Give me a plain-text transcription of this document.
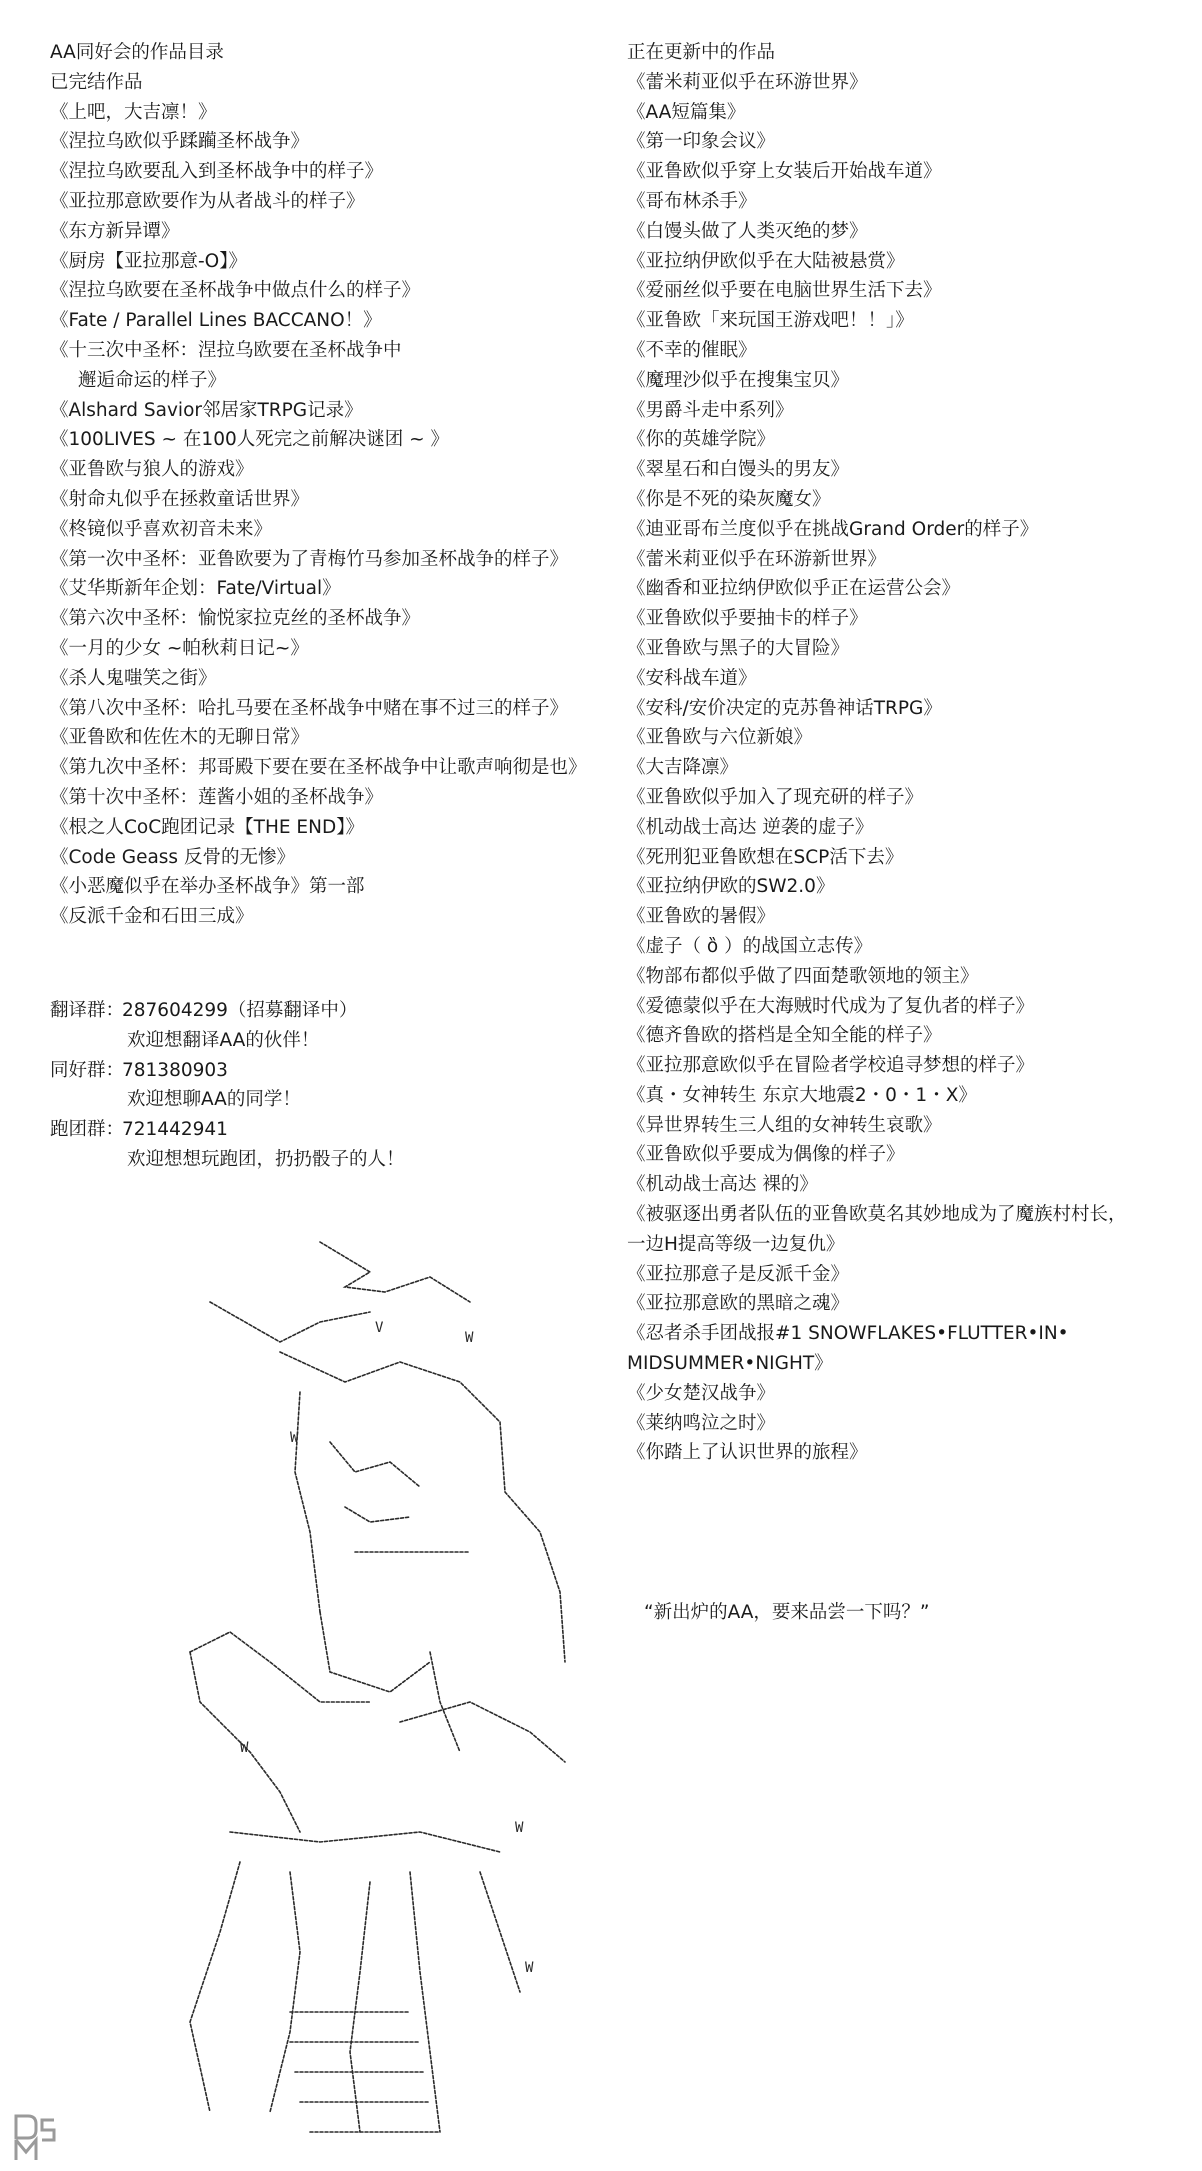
AA同好会的作品目录
已完结作品
《上吧，大吉凛！》
《涅拉乌欧似乎蹂躏圣杯战争》
《涅拉乌欧要乱入到圣杯战争中的样子》
《亚拉那意欧要作为从者战斗的样子》
《东方新异谭》
《厨房【亚拉那意-O】》
《涅拉乌欧要在圣杯战争中做点什么的样子》
《Fate / Parallel Lines BACCANO！》
《十三次中圣杯：涅拉乌欧要在圣杯战争中
邂逅命运的样子》
《Alshard Savior邻居家TRPG记录》
《100LIVES ~ 在100人死完之前解决谜团 ~ 》
《亚鲁欧与狼人的游戏》
《射命丸似乎在拯救童话世界》
《柊镜似乎喜欢初音未来》
《第一次中圣杯：亚鲁欧要为了青梅竹马参加圣杯战争的样子》
《艾华斯新年企划：Fate/Virtual》
《第六次中圣杯：愉悦家拉克丝的圣杯战争》
《一月的少女 ~帕秋莉日记~》
《杀人鬼嗤笑之街》
《第八次中圣杯：哈扎马要在圣杯战争中赌在事不过三的样子》
《亚鲁欧和佐佐木的无聊日常》
《第九次中圣杯：邦哥殿下要在要在圣杯战争中让歌声响彻是也》
《第十次中圣杯：莲酱小姐的圣杯战争》
《根之人CoC跑团记录【THE END】》
《Code Geass 反骨的无惨》
《小恶魔似乎在举办圣杯战争》第一部
《反派千金和石田三成》
正在更新中的作品
《蕾米莉亚似乎在环游世界》
《AA短篇集》
《第一印象会议》
《亚鲁欧似乎穿上女装后开始战车道》
《哥布林杀手》
《白馒头做了人类灭绝的梦》
《亚拉纳伊欧似乎在大陆被悬赏》
《爱丽丝似乎要在电脑世界生活下去》
《亚鲁欧「来玩国王游戏吧！！」》
《不幸的催眠》
《魔理沙似乎在搜集宝贝》
《男爵斗走中系列》
《你的英雄学院》
《翠星石和白馒头的男友》
《你是不死的染灰魔女》
《迪亚哥布兰度似乎在挑战Grand Order的样子》
《蕾米莉亚似乎在环游新世界》
《幽香和亚拉纳伊欧似乎正在运营公会》
《亚鲁欧似乎要抽卡的样子》
《亚鲁欧与黑子的大冒险》
《安科战车道》
《安科/安价决定的克苏鲁神话TRPG》
《亚鲁欧与六位新娘》
《大吉降凛》
《亚鲁欧似乎加入了现充研的样子》
《机动战士高达 逆袭的虚子》
《死刑犯亚鲁欧想在SCP活下去》
《亚拉纳伊欧的SW2.0》
《亚鲁欧的暑假》
《虚子（ ȍ ）的战国立志传》
《物部布都似乎做了四面楚歌领地的领主》
《爱德蒙似乎在大海贼时代成为了复仇者的样子》
《德齐鲁欧的搭档是全知全能的样子》
《亚拉那意欧似乎在冒险者学校追寻梦想的样子》
《真・女神转生 东京大地震2・0・1・X》
《异世界转生三人组的女神转生哀歌》
《亚鲁欧似乎要成为偶像的样子》
《机动战士高达 裸的》
《被驱逐出勇者队伍的亚鲁欧莫名其妙地成为了魔族村村长，
一边H提高等级一边复仇》
《亚拉那意子是反派千金》
《亚拉那意欧的黑暗之魂》
《忍者杀手团战报#1 SNOWFLAKES•FLUTTER•IN•
MIDSUMMER•NIGHT》
《少女楚汉战争》
《莱纳鸣泣之时》
《你踏上了认识世界的旅程》
翻译群：287604299（招募翻译中）
欢迎想翻译AA的伙伴！
同好群：781380903
欢迎想聊AA的同学！
跑团群：721442941
欢迎想想玩跑团，扔扔骰子的人！
V
W
W
W
W
W
“新出炉的AA，要来品尝一下吗？”
